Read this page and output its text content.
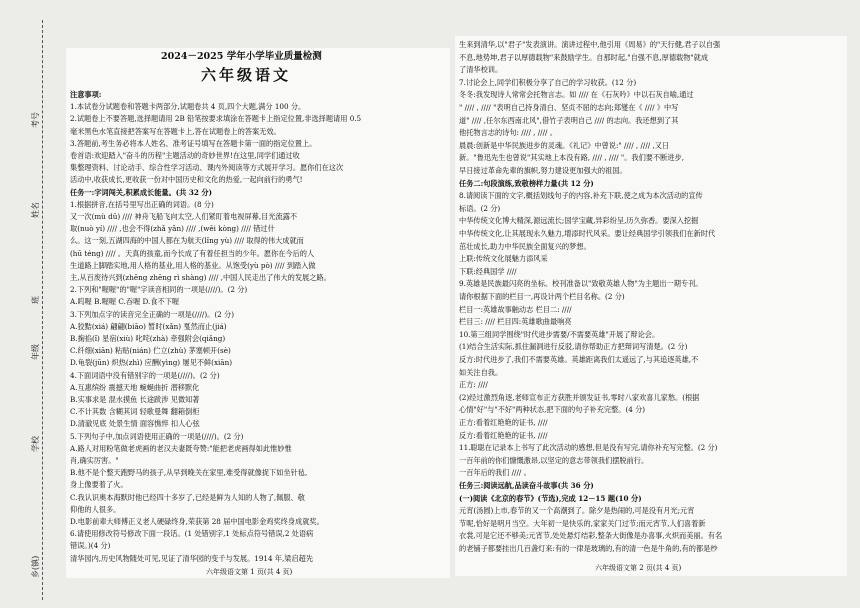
考号
姓名
班
年级
学校
乡(镇)
2024－2025 学年小学毕业质量检测
六年级语文
注意事项:
1.本试卷分试题卷和答题卡两部分,试题卷共 4 页,四个大题,满分 100 分。
2.试题卷上不要答题,选择题请用 2B 铅笔按要求填涂在答题卡上指定位置,非选择题请用 0.5
毫米黑色水笔直接把答案写在答题卡上,答在试题卷上的答案无效。
3.答题前,考生务必将本人姓名、准考证号填写在答题卡第一面的指定位置上。
卷首语:欢迎踏入"奋斗的历程"主题活动的奇妙世界!在这里,同学们通过收
集整理资料、讨论动手、综合性学习活动、课内外阅读等方式展开学习。愿你们在这次
活动中,收获成长,更收获一份对中国历史和文化的热爱,一起向前行的勇气!
任务一:字词闯关,积累成长能量。(共 32 分)
1.根据拼音,在括号里写出正确的词语。(8 分)
又一次(mù dǔ) //// 神舟飞船飞向太空,人们紧盯着电视屏幕,目光流露不
取(nuò yí) //// ,也会不得(zhǎ yǎn) //// ,(wěi kòng) //// 错过什
么。这一刻,五湖四海的中国人都在为航天(lǐng yù) //// 取得的伟大成就而
(hū téng) //// 。天真的孩童,而今长成了有着任担当的少年。愿你在今后的人
生道路上脚踏实地,用人格的基业,用人格的基业。从饱受(yù pò) //// 到踏入做
主,从百废待兴到(zhēng zhēng rì shàng) //// ,中国人民走出了伟大的发展之路。
2.下列和"喔喔"的"喔"字读音相同的一项是(////)。(2 分)
A.呜喔 B.喔喔 C.吞喔 D.食不下喔
3.下列加点字的读音完全正确的一项是(////)。(2 分)
A.狡黠(xiá) 翩翩(biāo) 暂时(xǎn) 戛然而止(jiá)
B.掬掐(ǐ) 星宿(xiù) 叱咤(zhà) 牵强附会(qiǎng)
C.纤细(xiān) 粘贴(nián) 伫立(zhù) 茅塞顿开(sè)
D.龟裂(jūn) 炽热(zhì) 应酬(yìng) 屡见不鲜(xiān)
4.下面词语中没有错别字的一项是(////)。(2 分)
A.互惠缤纷 震撼天地 蜿蜒曲折 潜移默化
B.实事求是 混水摸鱼 长途跋涉 见微知著
C.不计其数 含糊其词 轻歌曼舞 翻箱倒柜
D.清澈见底 处景生情 面容憔悴 扣人心弦
5.下列句子中,加点词语使用正确的一项是(////)。(2 分)
A.路人对用粉笔做老虎画的老汉夫妻既夸赞:"能把老虎画得如此惟妙惟
肖,确实厉害。"
B.他不是个整天跑野马的孩子,从早到晚关在家里,难受得就像捉下如坐针毡,
身上像要着了火。
C.我认识奥本海默时他已经四十多岁了,已经是鲜为人知的人物了,佩服、敬
仰他的人很多。
D.电影前辈大师傅正义老人硬碌终身,荣获第 28 届中国电影金鸡奖终身成就奖。
6.请使用修改符号修改下面一段话。(1 处错别字,1 处标点符号错误,2 处语病
错误。)(4 分)
清华园内,历史风物随处可见,见证了清华园的变千与发展。1914 年,梁启超先
六年级语文第 1 页(共 4 页)
生来到清华,以"君子"发表演讲。演讲过程中,他引用《周易》的"天行健,君子以自强
不息,地势坤,君子以厚德载物"来鼓励学生。自那时起,"自强不息,厚德载物"就成
了清华校训。
7.讨论会上,同学们积极分享了自己的学习收获。(12 分)
冬冬:我发现诗人常常会托物言志。如 //// 在《石灰吟》中以石灰自喻,通过
" //// , //// "表明自己持身清白、坚贞不屈的志向;郑燮在《 //// 》中写
道" //// ,任尔东西南北风",借竹子表明自己 //// 的志向。我还想到了其
他托物言志的诗句: //// , //// 。
晨晨:创新是中华民族进步的灵魂。《礼记》中曾说:" //// , //// ,又日
新。"鲁迅先生也曾说"其实地上本没有路, //// , //// "。我们要不断进步,
早日接过革命先辈的旗帜,努力建设更加强大的祖国。
任务二:句段演练,致敬榜样力量(共 12 分)
8.请阅读下面的文字,概括划线句子的内容,补充下联,使之成为本次活动的宣传
标语。(2 分)
中华传统文化博大精深,源远流长;国学宝藏,异彩纷呈,历久弥香。要深入挖掘
中华传统文化,让其展现永久魅力,增添时代风采。要让经典国学引领我们在新时代
茁壮成长,助力中华民族全面复兴的梦想。
上联:传统文化展魅力添风采
下联:经典国学 ////
9.英雄是民族最闪亮的坐标。校刊准备以"致敬英雄人物"为主题出一期专刊。
请你根据下面的栏目一,再设计两个栏目名称。(2 分)
栏目一:英雄故事触动志 栏目二: ////
栏目三: //// 栏目四:英雄歌曲最响亮
10.第三组同学围绕"时代进步需要/不需要英雄"开展了辩论会。
(1)结合生活实际,抓住漏洞进行反驳,请你帮助正方把辩词写清楚。(2 分)
反方:时代进步了,我们不需要英雄。英雄距离我们太遥远了,与其追逐英雄,不
如关注自我。
正方: ////
(2)经过激烈角逐,老师宣布正方获胜并颁发证书,零时八家欢喜儿家愁。(根据
心情"好"与"不好"两种状态,把下面的句子补充完整。(4 分)
正方:看着红艳艳的证书, ////
反方:看着红艳艳的证书, ////
11.聪聪在记录本上书写了此次活动的感想,但是没有写完,请你补充写完整。(2 分)
一百年前的你们慷慨激昂,以坚定的意志带领我们摆脱前行。
一百年后的我们 //// 。
任务三:阅读远航,品读奋斗故事(共 36 分)
(一)阅读《北京的春节》(节选),完成 12－15 题(10 分)
元宵(汤圆)上市,春节的又一个高潮到了。除夕是热闹的,可是没有月光;元宵
节呢,恰好是明月当空。大年初一是快乐的,家家关门过节;而元宵节,人们喜着新
衣裳,可是它还不够美;元宵节,处处悬灯结彩,整条大街像是办喜事,火炽而美丽。有名
的老铺子都要挂出几百盏灯来:有的一律是玻璃的,有的清一色是牛角的,有的都是纱
六年级语文第 2 页(共 4 页)
